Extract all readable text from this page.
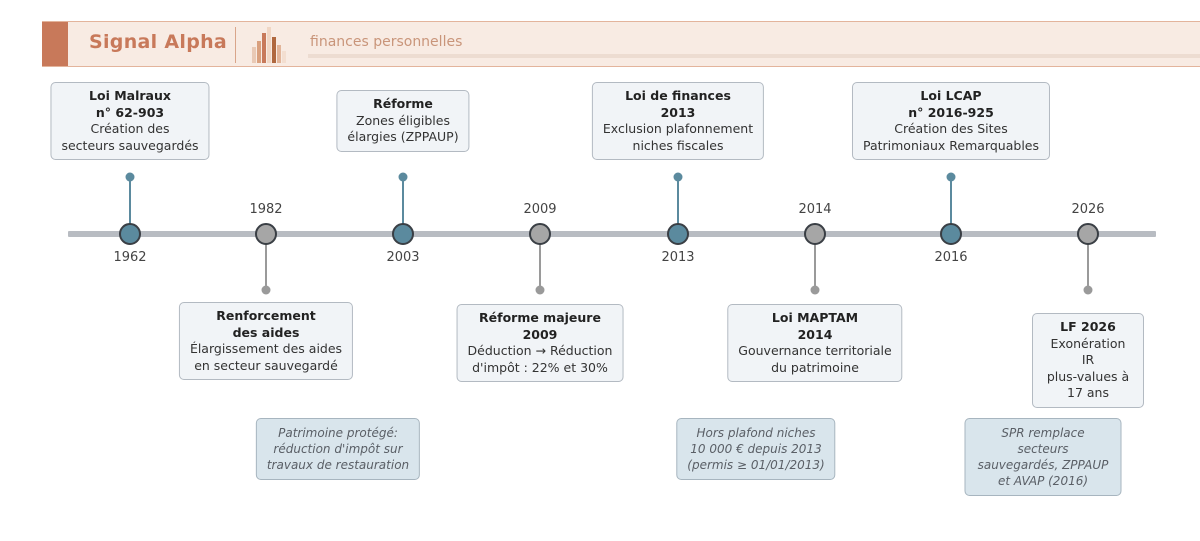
Signal Alpha	finances personnelles
1962
Loi Malraux
n° 62-903
Création des
secteurs sauvegardés
1982
Renforcement
des aides
Élargissement des aides
en secteur sauvegardé
2003
Réforme
Zones éligibles
élargies (ZPPAUP)
2009
Réforme majeure
2009
Déduction → Réduction
d'impôt : 22% et 30%
2013
Loi de finances
2013
Exclusion plafonnement
niches fiscales
2014
Loi MAPTAM
2014
Gouvernance territoriale
du patrimoine
2016
Loi LCAP
n° 2016-925
Création des Sites
Patrimoniaux Remarquables
2026
LF 2026
Exonération IR
plus-values à 17 ans
Patrimoine protégé:
réduction d'impôt sur
travaux de restauration
Hors plafond niches
10 000 € depuis 2013
(permis ≥ 01/01/2013)
SPR remplace secteurs
sauvegardés, ZPPAUP
et AVAP (2016)
